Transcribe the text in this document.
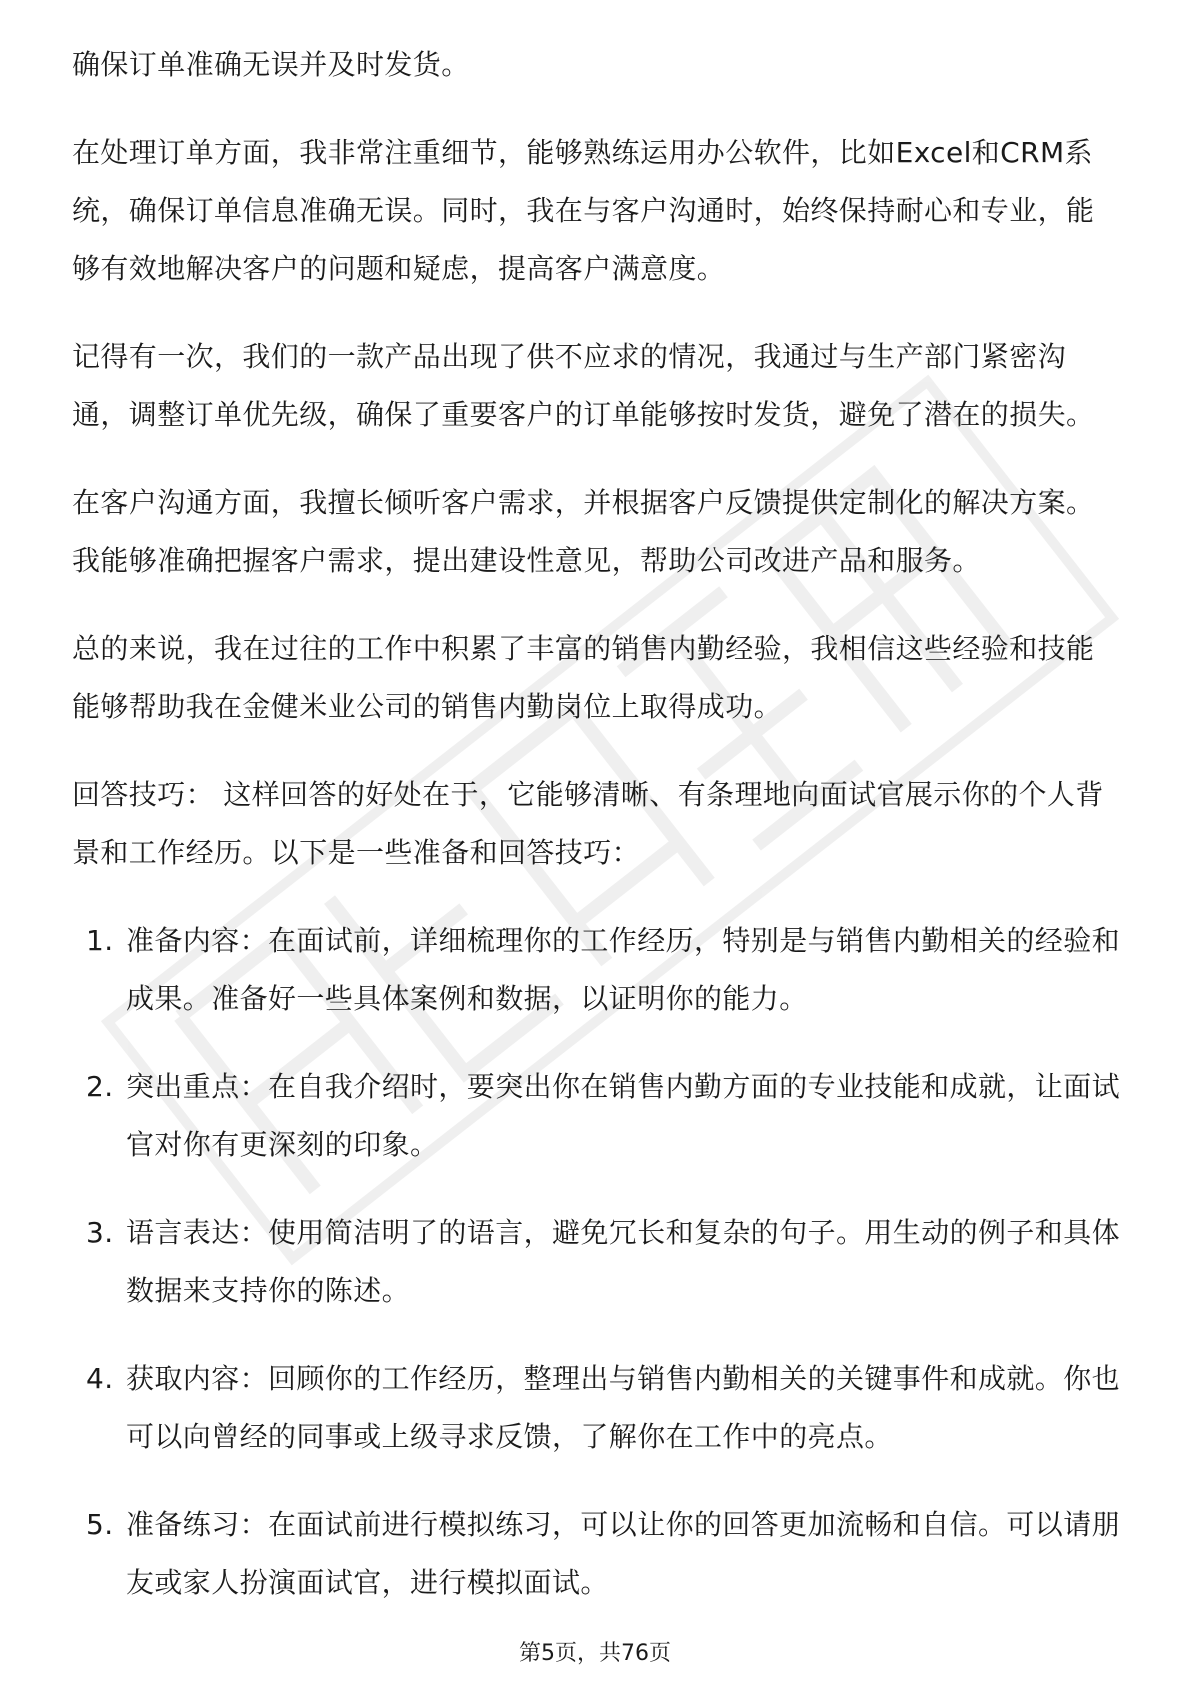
确保订单准确无误并及时发货。

在处理订单方面，我非常注重细节，能够熟练运用办公软件，比如Excel和CRM系统，确保订单信息准确无误。同时，我在与客户沟通时，始终保持耐心和专业，能够有效地解决客户的问题和疑虑，提高客户满意度。

记得有一次，我们的一款产品出现了供不应求的情况，我通过与生产部门紧密沟通，调整订单优先级，确保了重要客户的订单能够按时发货，避免了潜在的损失。

在客户沟通方面，我擅长倾听客户需求，并根据客户反馈提供定制化的解决方案。我能够准确把握客户需求，提出建设性意见，帮助公司改进产品和服务。

总的来说，我在过往的工作中积累了丰富的销售内勤经验，我相信这些经验和技能能够帮助我在金健米业公司的销售内勤岗位上取得成功。

回答技巧： 这样回答的好处在于，它能够清晰、有条理地向面试官展示你的个人背景和工作经历。以下是一些准备和回答技巧：

1. 准备内容：在面试前，详细梳理你的工作经历，特别是与销售内勤相关的经验和成果。准备好一些具体案例和数据，以证明你的能力。
2. 突出重点：在自我介绍时，要突出你在销售内勤方面的专业技能和成就，让面试官对你有更深刻的印象。
3. 语言表达：使用简洁明了的语言，避免冗长和复杂的句子。用生动的例子和具体数据来支持你的陈述。
4. 获取内容：回顾你的工作经历，整理出与销售内勤相关的关键事件和成就。你也可以向曾经的同事或上级寻求反馈，了解你在工作中的亮点。
5. 准备练习：在面试前进行模拟练习，可以让你的回答更加流畅和自信。可以请朋友或家人扮演面试官，进行模拟面试。
第5页，共76页
